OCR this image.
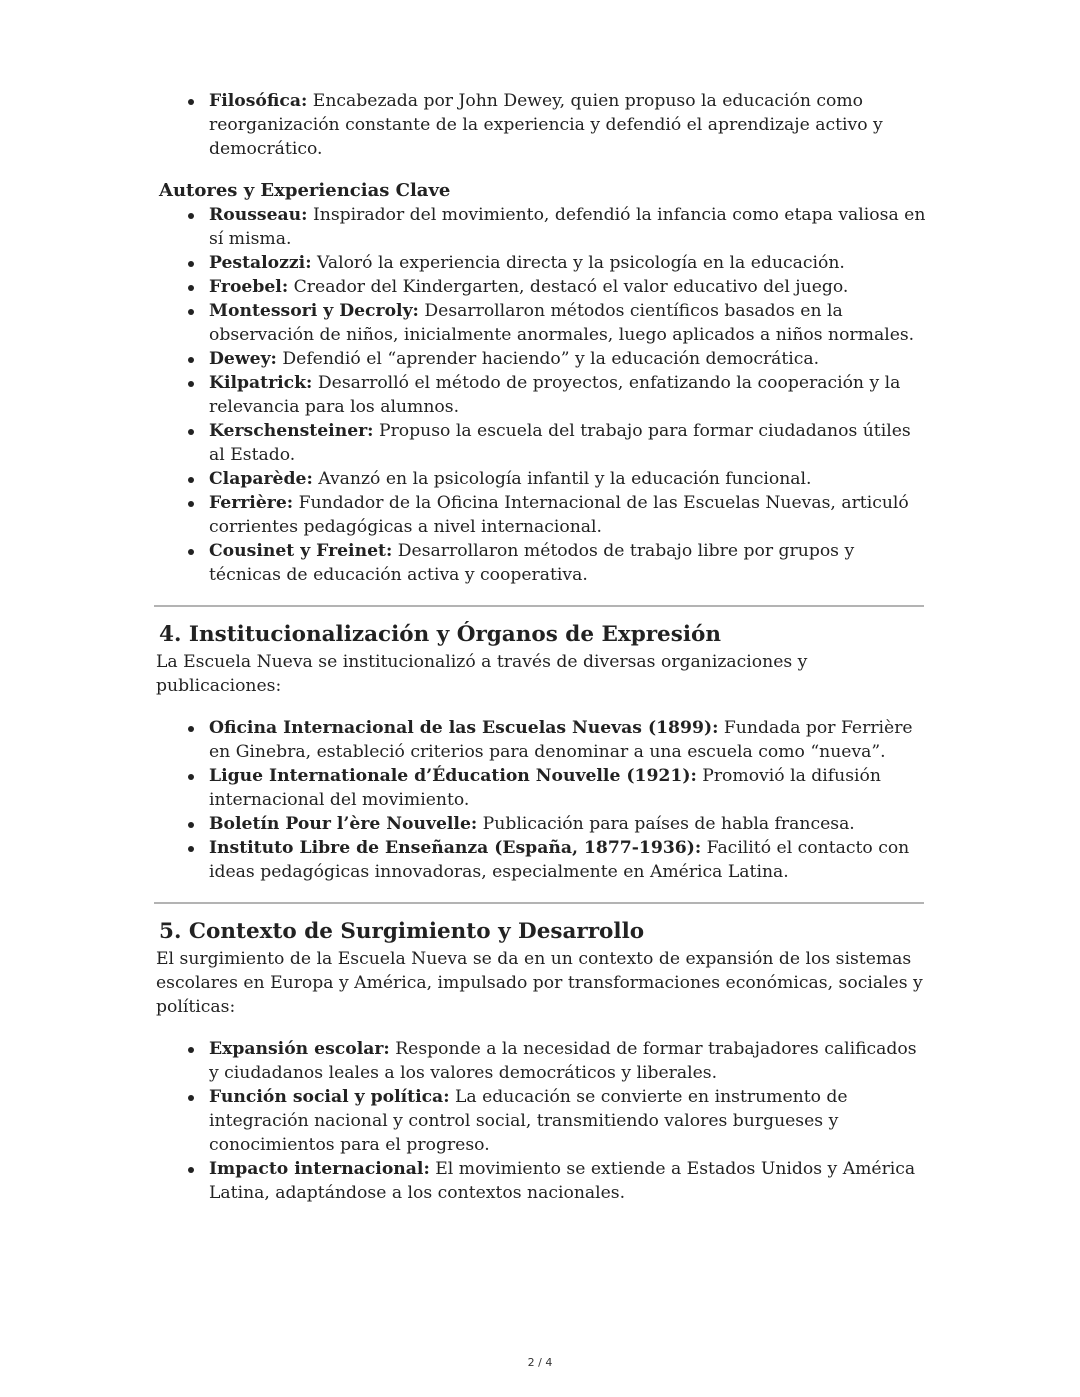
Filosófica: Encabezada por John Dewey, quien propuso la educación como reorganización constante de la experiencia y defendió el aprendizaje activo y democrático.
Autores y Experiencias Clave
Rousseau: Inspirador del movimiento, defendió la infancia como etapa valiosa en sí misma.
Pestalozzi: Valoró la experiencia directa y la psicología en la educación.
Froebel: Creador del Kindergarten, destacó el valor educativo del juego.
Montessori y Decroly: Desarrollaron métodos científicos basados en la observación de niños, inicialmente anormales, luego aplicados a niños normales.
Dewey: Defendió el “aprender haciendo” y la educación democrática.
Kilpatrick: Desarrolló el método de proyectos, enfatizando la cooperación y la relevancia para los alumnos.
Kerschensteiner: Propuso la escuela del trabajo para formar ciudadanos útiles al Estado.
Claparède: Avanzó en la psicología infantil y la educación funcional.
Ferrière: Fundador de la Oficina Internacional de las Escuelas Nuevas, articuló corrientes pedagógicas a nivel internacional.
Cousinet y Freinet: Desarrollaron métodos de trabajo libre por grupos y técnicas de educación activa y cooperativa.
4. Institucionalización y Órganos de Expresión

La Escuela Nueva se institucionalizó a través de diversas organizaciones y publicaciones:

Oficina Internacional de las Escuelas Nuevas (1899): Fundada por Ferrière en Ginebra, estableció criterios para denominar a una escuela como “nueva”.
Ligue Internationale d’Éducation Nouvelle (1921): Promovió la difusión internacional del movimiento.
Boletín Pour l’ère Nouvelle: Publicación para países de habla francesa.
Instituto Libre de Enseñanza (España, 1877-1936): Facilitó el contacto con ideas pedagógicas innovadoras, especialmente en América Latina.
5. Contexto de Surgimiento y Desarrollo

El surgimiento de la Escuela Nueva se da en un contexto de expansión de los sistemas escolares en Europa y América, impulsado por transformaciones económicas, sociales y políticas:

Expansión escolar: Responde a la necesidad de formar trabajadores calificados y ciudadanos leales a los valores democráticos y liberales.
Función social y política: La educación se convierte en instrumento de integración nacional y control social, transmitiendo valores burgueses y conocimientos para el progreso.
Impacto internacional: El movimiento se extiende a Estados Unidos y América Latina, adaptándose a los contextos nacionales.
2 / 4
